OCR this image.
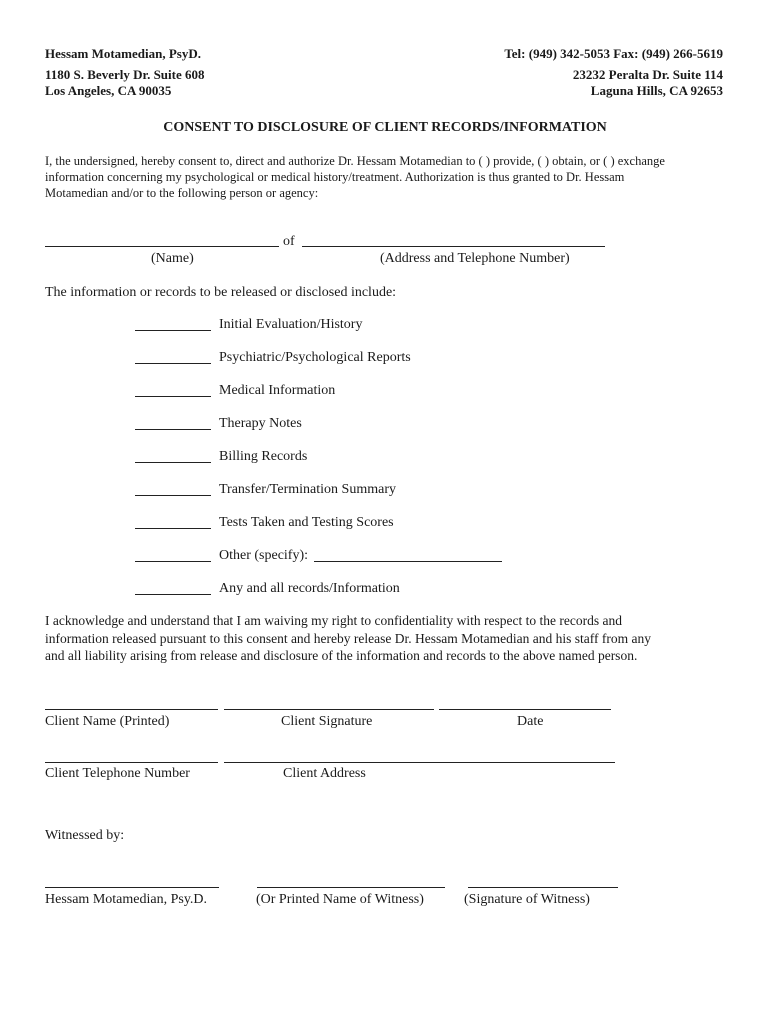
Hessam Motamedian, PsyD.	Tel: (949) 342-5053 Fax: (949) 266-5619
1180 S. Beverly Dr. Suite 608
Los Angeles, CA 90035
23232 Peralta Dr. Suite 114
Laguna Hills, CA 92653
CONSENT TO DISCLOSURE OF CLIENT RECORDS/INFORMATION
I, the undersigned, hereby consent to, direct and authorize Dr. Hessam Motamedian to ( ) provide, ( ) obtain, or ( ) exchange
information concerning my psychological or medical history/treatment. Authorization is thus granted to Dr. Hessam
Motamedian and/or to the following person or agency:
of
(Name)	(Address and Telephone Number)
The information or records to be released or disclosed include:
Initial Evaluation/History
Psychiatric/Psychological Reports
Medical Information
Therapy Notes
Billing Records
Transfer/Termination Summary
Tests Taken and Testing Scores
Other (specify):
Any and all records/Information
I acknowledge and understand that I am waiving my right to confidentiality with respect to the records and
information released pursuant to this consent and hereby release Dr. Hessam Motamedian and his staff from any
and all liability arising from release and disclosure of the information and records to the above named person.
Client Name (Printed)	Client Signature	Date
Client Telephone Number	Client Address
Witnessed by:
Hessam Motamedian, Psy.D.	(Or Printed Name of Witness)	(Signature of Witness)
